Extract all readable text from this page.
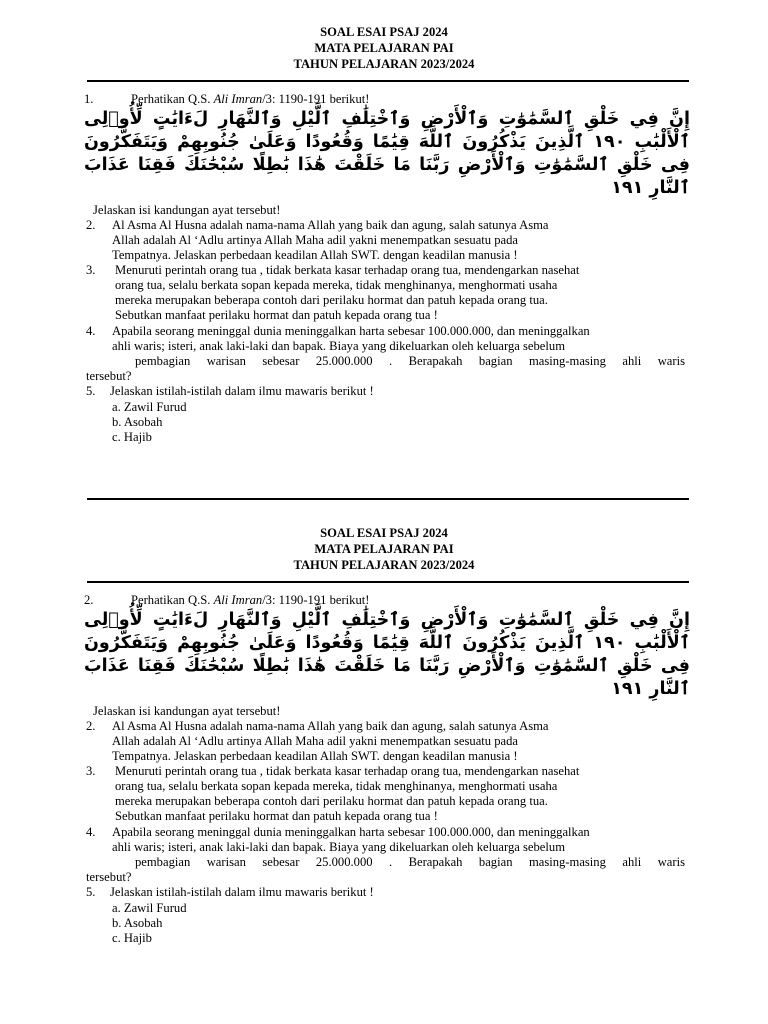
SOAL ESAI PSAJ 2024
MATA PELAJARAN PAI
TAHUN PELAJARAN 2023/2024
1.	Perhatikan Q.S. Ali Imran/3: 1190-191 berikut!
إِنَّ فِي خَلْقِ ٱلسَّمَٰوَٰتِ وَٱلْأَرْضِ وَٱخْتِلَٰفِ ٱلَّيْلِ وَٱلنَّهَارِ لَءَايَٰتٍ لِّأُو۟لِى ٱلْأَلْبَٰبِ ١٩٠ ٱلَّذِينَ يَذْكُرُونَ ٱللَّهَ قِيَٰمًا وَقُعُودًا وَعَلَىٰ جُنُوبِهِمْ وَيَتَفَكَّرُونَ فِى خَلْقِ ٱلسَّمَٰوَٰتِ وَٱلْأَرْضِ رَبَّنَا مَا خَلَقْتَ هَٰذَا بَٰطِلًا سُبْحَٰنَكَ فَقِنَا عَذَابَ ٱلنَّارِ ١٩١
Jelaskan isi kandungan ayat tersebut!
2. Al Asma Al Husna adalah nama-nama Allah yang baik dan agung, salah satunya Asma
Allah adalah Al ‘Adlu artinya Allah Maha adil yakni menempatkan sesuatu pada
Tempatnya. Jelaskan perbedaan keadilan Allah SWT. dengan keadilan manusia !
3. Menuruti perintah orang tua , tidak berkata kasar terhadap orang tua, mendengarkan nasehat
orang tua, selalu berkata sopan kepada mereka, tidak menghinanya, menghormati usaha
mereka merupakan beberapa contoh dari perilaku hormat dan patuh kepada orang tua.
Sebutkan manfaat perilaku hormat dan patuh kepada orang tua !
4. Apabila seorang meninggal dunia meninggalkan harta sebesar 100.000.000, dan meninggalkan
ahli waris; isteri, anak laki-laki dan bapak. Biaya yang dikeluarkan oleh keluarga sebelum
pembagian warisan sebesar 25.000.000 . Berapakah bagian masing-masing ahli waris
tersebut?
5. Jelaskan istilah-istilah dalam ilmu mawaris berikut !
a. Zawil Furud
b. Asobah
c. Hajib
SOAL ESAI PSAJ 2024
MATA PELAJARAN PAI
TAHUN PELAJARAN 2023/2024
2.	Perhatikan Q.S. Ali Imran/3: 1190-191 berikut!
إِنَّ فِي خَلْقِ ٱلسَّمَٰوَٰتِ وَٱلْأَرْضِ وَٱخْتِلَٰفِ ٱلَّيْلِ وَٱلنَّهَارِ لَءَايَٰتٍ لِّأُو۟لِى ٱلْأَلْبَٰبِ ١٩٠ ٱلَّذِينَ يَذْكُرُونَ ٱللَّهَ قِيَٰمًا وَقُعُودًا وَعَلَىٰ جُنُوبِهِمْ وَيَتَفَكَّرُونَ فِى خَلْقِ ٱلسَّمَٰوَٰتِ وَٱلْأَرْضِ رَبَّنَا مَا خَلَقْتَ هَٰذَا بَٰطِلًا سُبْحَٰنَكَ فَقِنَا عَذَابَ ٱلنَّارِ ١٩١
Jelaskan isi kandungan ayat tersebut!
2. Al Asma Al Husna adalah nama-nama Allah yang baik dan agung, salah satunya Asma
Allah adalah Al ‘Adlu artinya Allah Maha adil yakni menempatkan sesuatu pada
Tempatnya. Jelaskan perbedaan keadilan Allah SWT. dengan keadilan manusia !
3. Menuruti perintah orang tua , tidak berkata kasar terhadap orang tua, mendengarkan nasehat
orang tua, selalu berkata sopan kepada mereka, tidak menghinanya, menghormati usaha
mereka merupakan beberapa contoh dari perilaku hormat dan patuh kepada orang tua.
Sebutkan manfaat perilaku hormat dan patuh kepada orang tua !
4. Apabila seorang meninggal dunia meninggalkan harta sebesar 100.000.000, dan meninggalkan
ahli waris; isteri, anak laki-laki dan bapak. Biaya yang dikeluarkan oleh keluarga sebelum
pembagian warisan sebesar 25.000.000 . Berapakah bagian masing-masing ahli waris
tersebut?
5. Jelaskan istilah-istilah dalam ilmu mawaris berikut !
a. Zawil Furud
b. Asobah
c. Hajib
